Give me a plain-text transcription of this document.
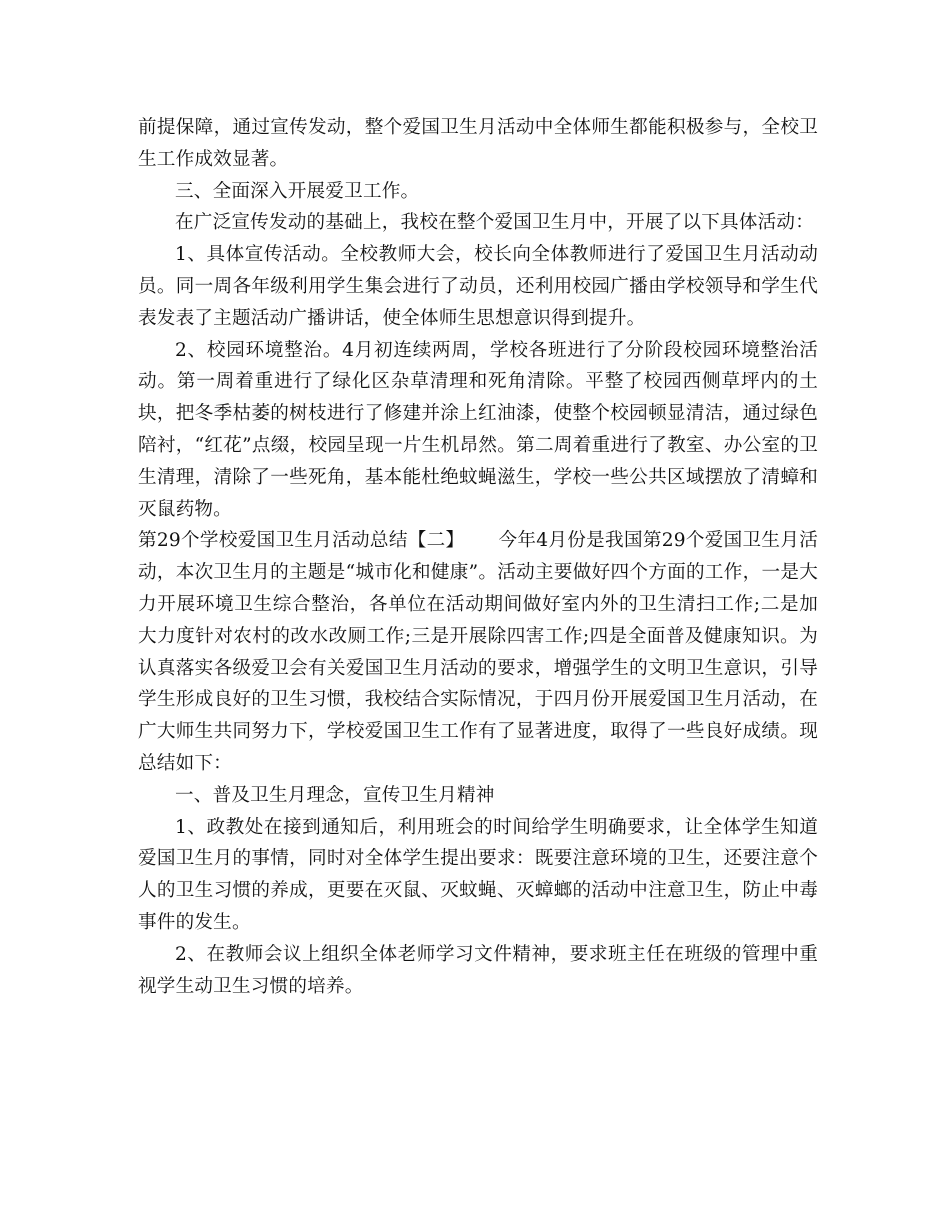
前提保障，通过宣传发动，整个爱国卫生月活动中全体师生都能积极参与，全校卫生工作成效显著。

三、全面深入开展爱卫工作。

在广泛宣传发动的基础上，我校在整个爱国卫生月中，开展了以下具体活动：

1、具体宣传活动。全校教师大会，校长向全体教师进行了爱国卫生月活动动员。同一周各年级利用学生集会进行了动员，还利用校园广播由学校领导和学生代表发表了主题活动广播讲话，使全体师生思想意识得到提升。

2、校园环境整治。4月初连续两周，学校各班进行了分阶段校园环境整治活动。第一周着重进行了绿化区杂草清理和死角清除。平整了校园西侧草坪内的土块，把冬季枯萎的树枝进行了修建并涂上红油漆，使整个校园顿显清洁，通过绿色陪衬，“红花”点缀，校园呈现一片生机昂然。第二周着重进行了教室、办公室的卫生清理，清除了一些死角，基本能杜绝蚊蝇滋生，学校一些公共区域摆放了清蟑和灭鼠药物。

第29个学校爱国卫生月活动总结【二】 今年4月份是我国第29个爱国卫生月活动，本次卫生月的主题是“城市化和健康”。活动主要做好四个方面的工作，一是大力开展环境卫生综合整治，各单位在活动期间做好室内外的卫生清扫工作;二是加大力度针对农村的改水改厕工作;三是开展除四害工作;四是全面普及健康知识。为认真落实各级爱卫会有关爱国卫生月活动的要求，增强学生的文明卫生意识，引导学生形成良好的卫生习惯，我校结合实际情况，于四月份开展爱国卫生月活动，在广大师生共同努力下，学校爱国卫生工作有了显著进度，取得了一些良好成绩。现总结如下：

一、普及卫生月理念，宣传卫生月精神

1、政教处在接到通知后，利用班会的时间给学生明确要求，让全体学生知道爱国卫生月的事情，同时对全体学生提出要求：既要注意环境的卫生，还要注意个人的卫生习惯的养成，更要在灭鼠、灭蚊蝇、灭蟑螂的活动中注意卫生，防止中毒事件的发生。

2、在教师会议上组织全体老师学习文件精神，要求班主任在班级的管理中重视学生动卫生习惯的培养。
